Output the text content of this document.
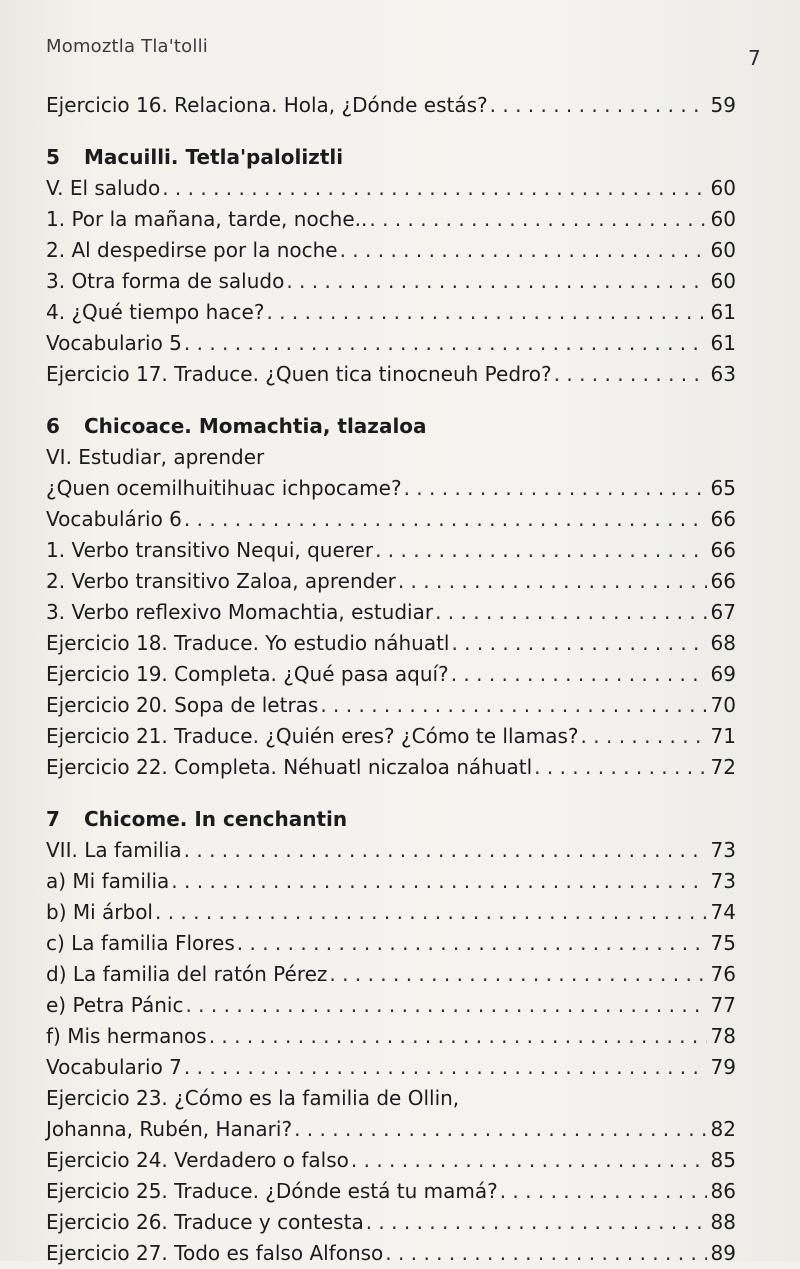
Momoztla Tla'tolli	7
Ejercicio 16. Relaciona. Hola, ¿Dónde estás? . . .	59
5 Macuilli. Tetla'paloliztli
V. El saludo . . .	60
1. Por la mañana, tarde, noche.. . . .	60
2. Al despedirse por la noche . . .	60
3. Otra forma de saludo . . .	60
4. ¿Qué tiempo hace? . . .	61
Vocabulario 5 . . .	61
Ejercicio 17. Traduce. ¿Quen tica tinocneuh Pedro? . . .	63
6 Chicoace. Momachtia, tlazaloa
VI. Estudiar, aprender
¿Quen ocemilhuitihuac ichpocame? . . .	65
Vocabulário 6 . . .	66
1. Verbo transitivo Nequi, querer . . .	66
2. Verbo transitivo Zaloa, aprender . . .	66
3. Verbo reflexivo Momachtia, estudiar . . .	67
Ejercicio 18. Traduce. Yo estudio náhuatl . . .	68
Ejercicio 19. Completa. ¿Qué pasa aquí? . . .	69
Ejercicio 20. Sopa de letras . . .	70
Ejercicio 21. Traduce. ¿Quién eres? ¿Cómo te llamas? . . .	71
Ejercicio 22. Completa. Néhuatl niczaloa náhuatl . . .	72
7 Chicome. In cenchantin
VII. La familia . . .	73
a) Mi familia . . .	73
b) Mi árbol . . .	74
c) La familia Flores . . .	75
d) La familia del ratón Pérez . . .	76
e) Petra Pánic . . .	77
f) Mis hermanos . . .	78
Vocabulario 7 . . .	79
Ejercicio 23. ¿Cómo es la familia de Ollin,
Johanna, Rubén, Hanari? . . .	82
Ejercicio 24. Verdadero o falso . . .	85
Ejercicio 25. Traduce. ¿Dónde está tu mamá? . . .	86
Ejercicio 26. Traduce y contesta . . .	88
Ejercicio 27. Todo es falso Alfonso . . .	89
